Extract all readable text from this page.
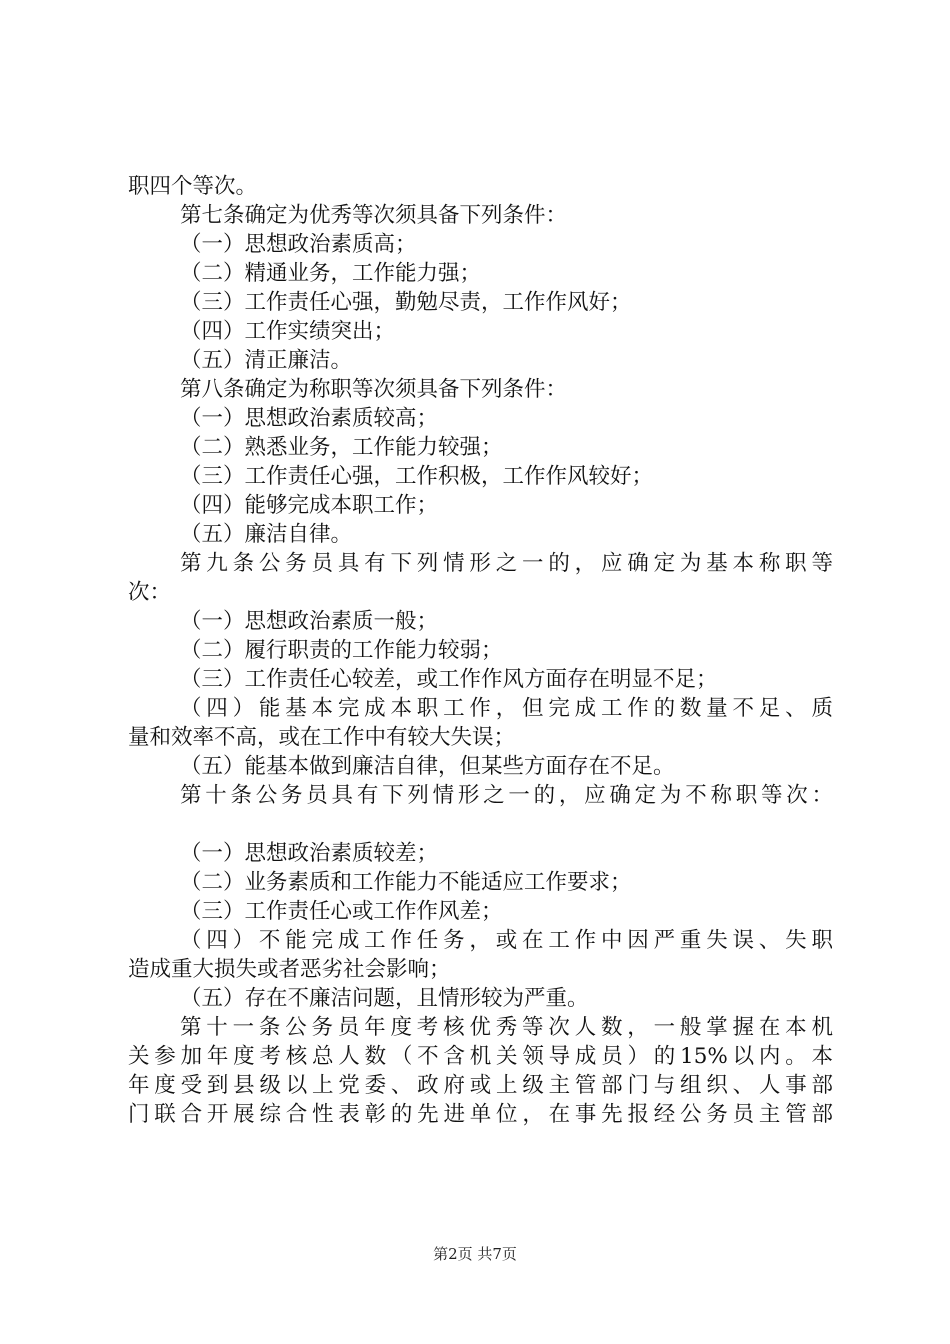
职四个等次。
第七条确定为优秀等次须具备下列条件：
（一）思想政治素质高；
（二）精通业务，工作能力强；
（三）工作责任心强，勤勉尽责，工作作风好；
（四）工作实绩突出；
（五）清正廉洁。
第八条确定为称职等次须具备下列条件：
（一）思想政治素质较高；
（二）熟悉业务，工作能力较强；
（三）工作责任心强，工作积极，工作作风较好；
（四）能够完成本职工作；
（五）廉洁自律。
第九条公务员具有下列情形之一的，应确定为基本称职等
次：
（一）思想政治素质一般；
（二）履行职责的工作能力较弱；
（三）工作责任心较差，或工作作风方面存在明显不足；
（四）能基本完成本职工作，但完成工作的数量不足、质
量和效率不高，或在工作中有较大失误；
（五）能基本做到廉洁自律，但某些方面存在不足。
第十条公务员具有下列情形之一的，应确定为不称职等次：
（一）思想政治素质较差；
（二）业务素质和工作能力不能适应工作要求；
（三）工作责任心或工作作风差；
（四）不能完成工作任务，或在工作中因严重失误、失职
造成重大损失或者恶劣社会影响；
（五）存在不廉洁问题，且情形较为严重。
第十一条公务员年度考核优秀等次人数，一般掌握在本机
关参加年度考核总人数（不含机关领导成员）的15%以内。本
年度受到县级以上党委、政府或上级主管部门与组织、人事部
门联合开展综合性表彰的先进单位，在事先报经公务员主管部
第2页 共7页
